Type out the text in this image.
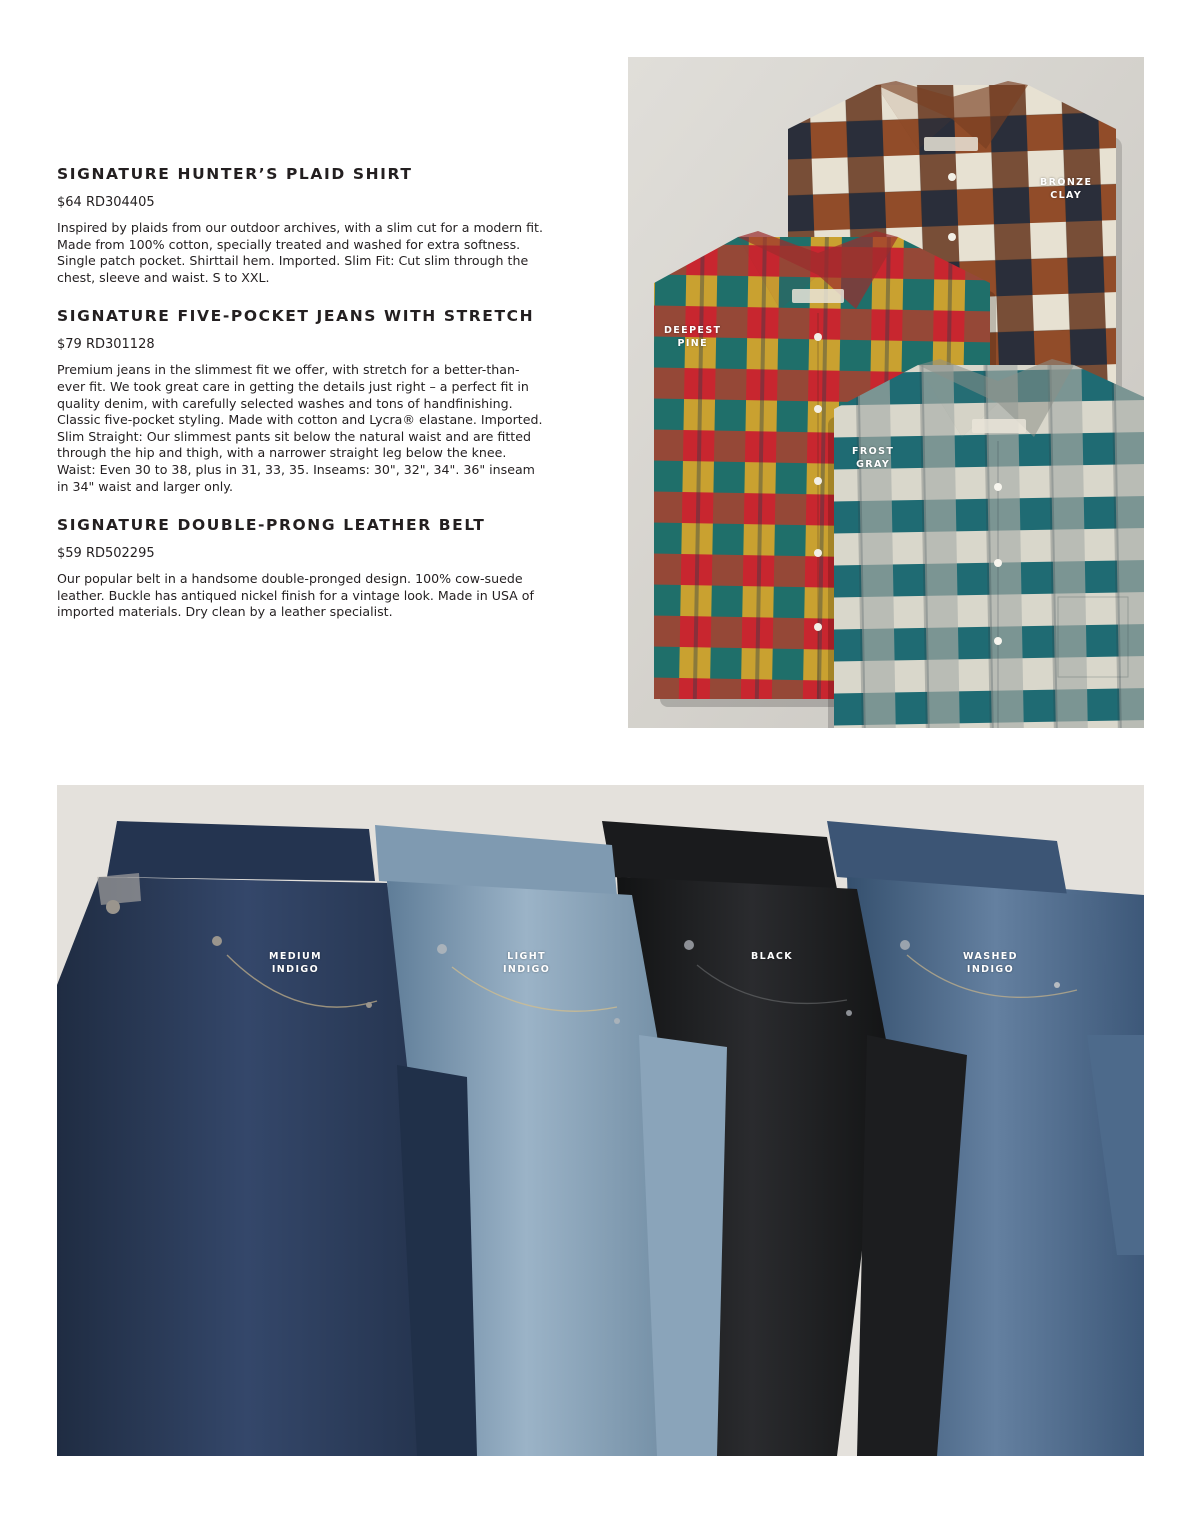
SIGNATURE HUNTER’S PLAID SHIRT

$64 RD304405

Inspired by plaids from our outdoor archives, with a slim cut for a modern fit. Made from 100% cotton, specially treated and washed for extra softness. Single patch pocket. Shirttail hem. Imported. Slim Fit: Cut slim through the chest, sleeve and waist. S to XXL.

SIGNATURE FIVE-POCKET JEANS WITH STRETCH

$79 RD301128

Premium jeans in the slimmest fit we offer, with stretch for a better-than-ever fit. We took great care in getting the details just right – a perfect fit in quality denim, with carefully selected washes and tons of handfinishing. Classic five-pocket styling. Made with cotton and Lycra® elastane. Imported. Slim Straight: Our slimmest pants sit below the natural waist and are fitted through the hip and thigh, with a narrower straight leg below the knee. Waist: Even 30 to 38, plus in 31, 33, 35. Inseams: 30", 32", 34". 36" inseam in 34" waist and larger only.

SIGNATURE DOUBLE-PRONG LEATHER BELT

$59 RD502295

Our popular belt in a handsome double-pronged design. 100% cow-suede leather. Buckle has antiqued nickel finish for a vintage look. Made in USA of imported materials. Dry clean by a leather specialist.

BRONZE
CLAY
DEEPEST
PINE
FROST
GRAY
MEDIUM
INDIGO
LIGHT
INDIGO
BLACK	WASHED
INDIGO
